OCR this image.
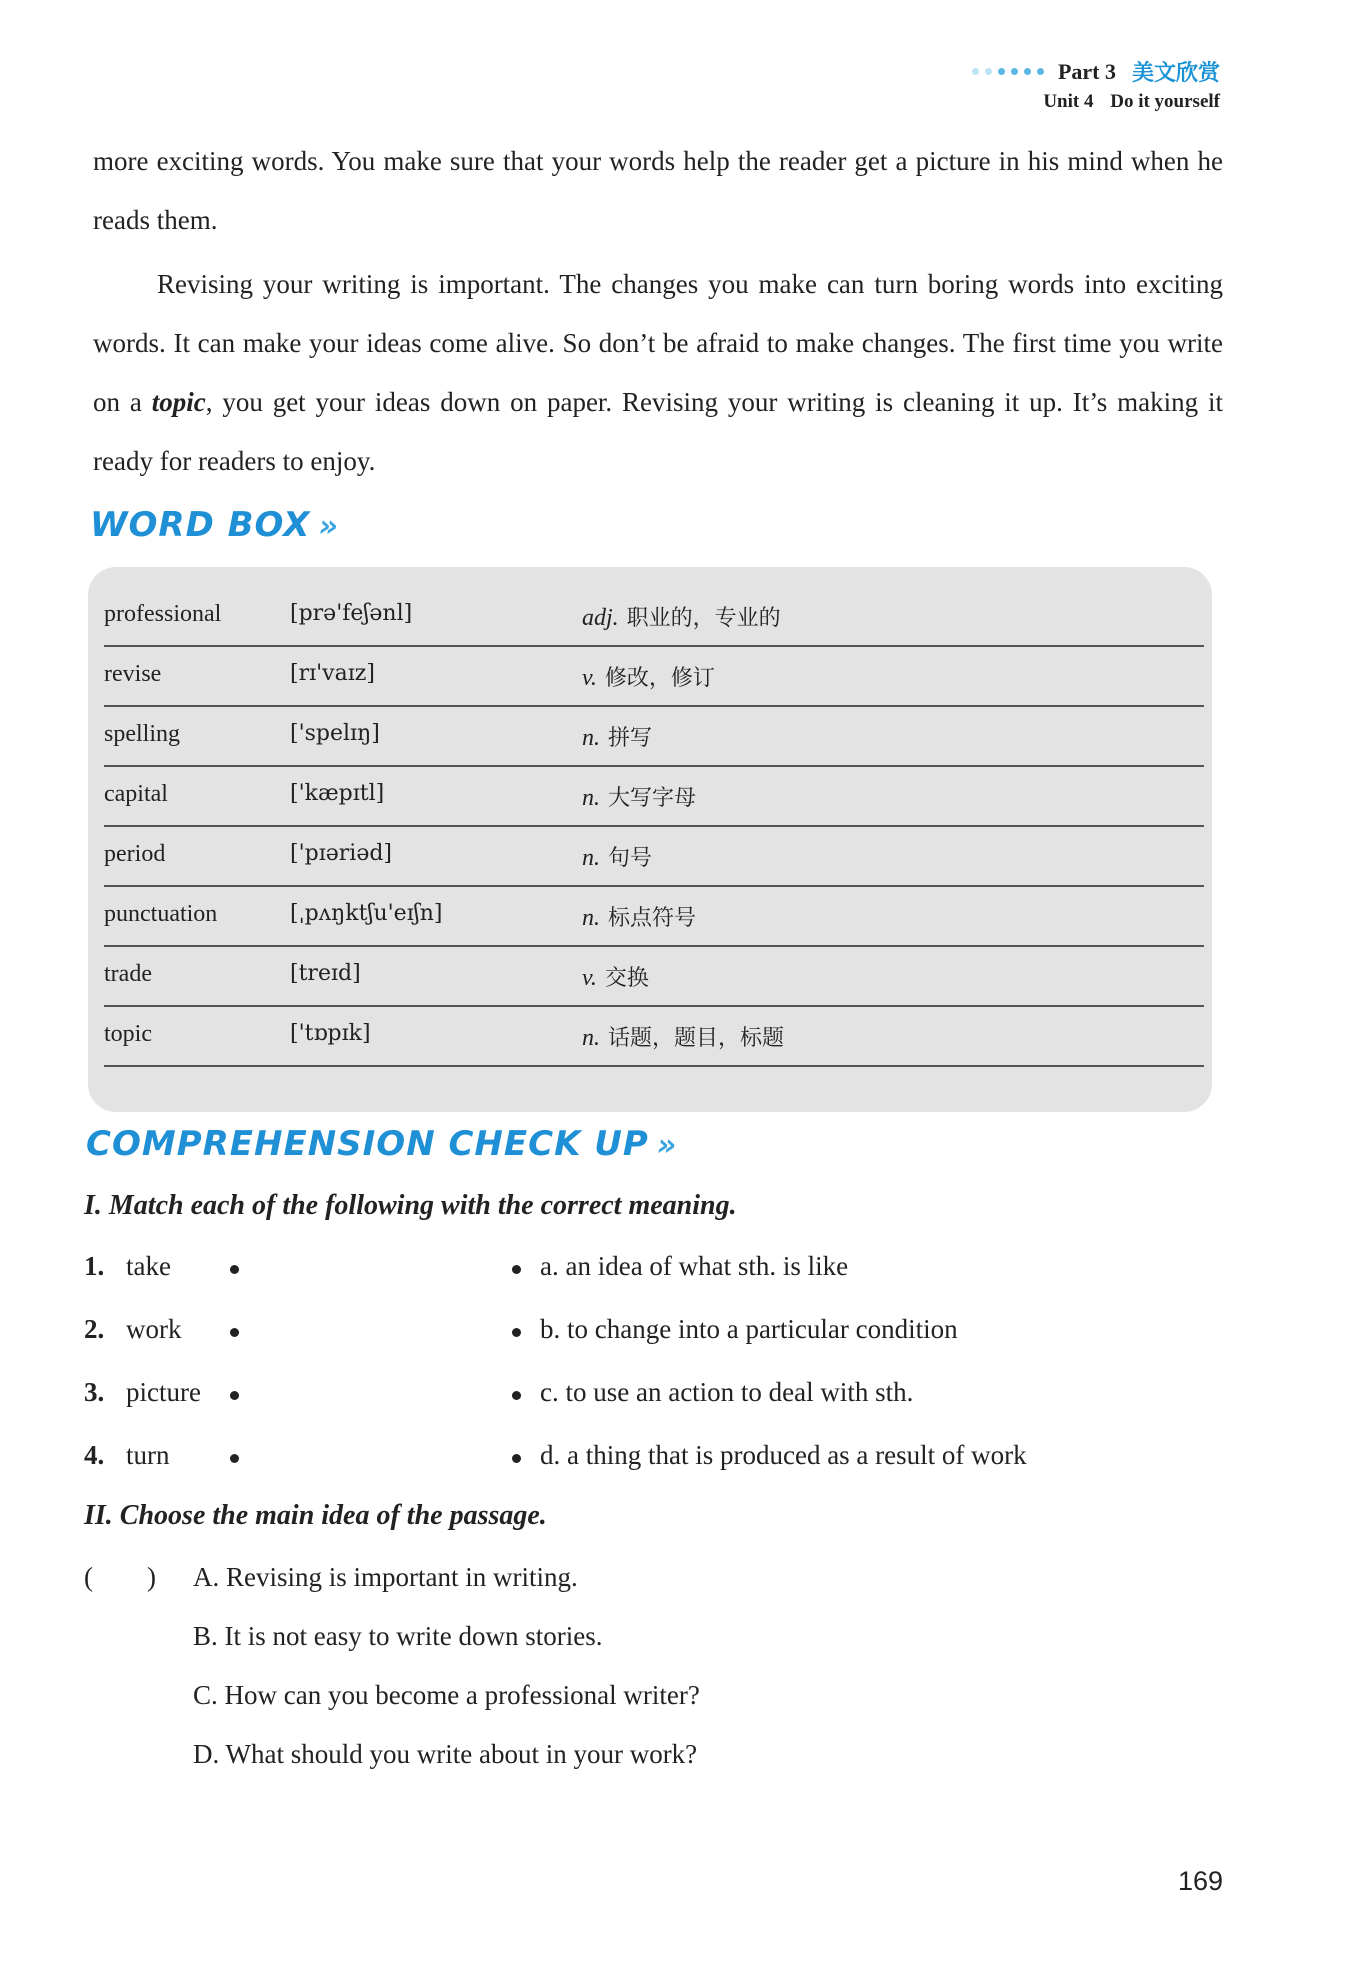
Part 3 美文欣赏
Unit 4 Do it yourself
more exciting words. You make sure that your words help the reader get a picture in his mind when he reads them.
Revising your writing is important. The changes you make can turn boring words into exciting words. It can make your ideas come alive. So don’t be afraid to make changes. The first time you write on a topic, you get your ideas down on paper. Revising your writing is cleaning it up. It’s making it ready for readers to enjoy.
WORD BOX »
professional	[prə'feʃənl]	adj. 职业的，专业的
revise	[rɪ'vaɪz]	v. 修改，修订
spelling	['spelɪŋ]	n. 拼写
capital	['kæpɪtl]	n. 大写字母
period	['pɪəriəd]	n. 句号
punctuation	[ˌpʌŋktʃu'eɪʃn]	n. 标点符号
trade	[treɪd]	v. 交换
topic	['tɒpɪk]	n. 话题，题目，标题
COMPREHENSION CHECK UP »
I. Match each of the following with the correct meaning.
1. take	a. an idea of what sth. is like
2. work	b. to change into a particular condition
3. picture	c. to use an action to deal with sth.
4. turn	d. a thing that is produced as a result of work
II. Choose the main idea of the passage.
(        ) A. Revising is important in writing.
B. It is not easy to write down stories.
C. How can you become a professional writer?
D. What should you write about in your work?
169
